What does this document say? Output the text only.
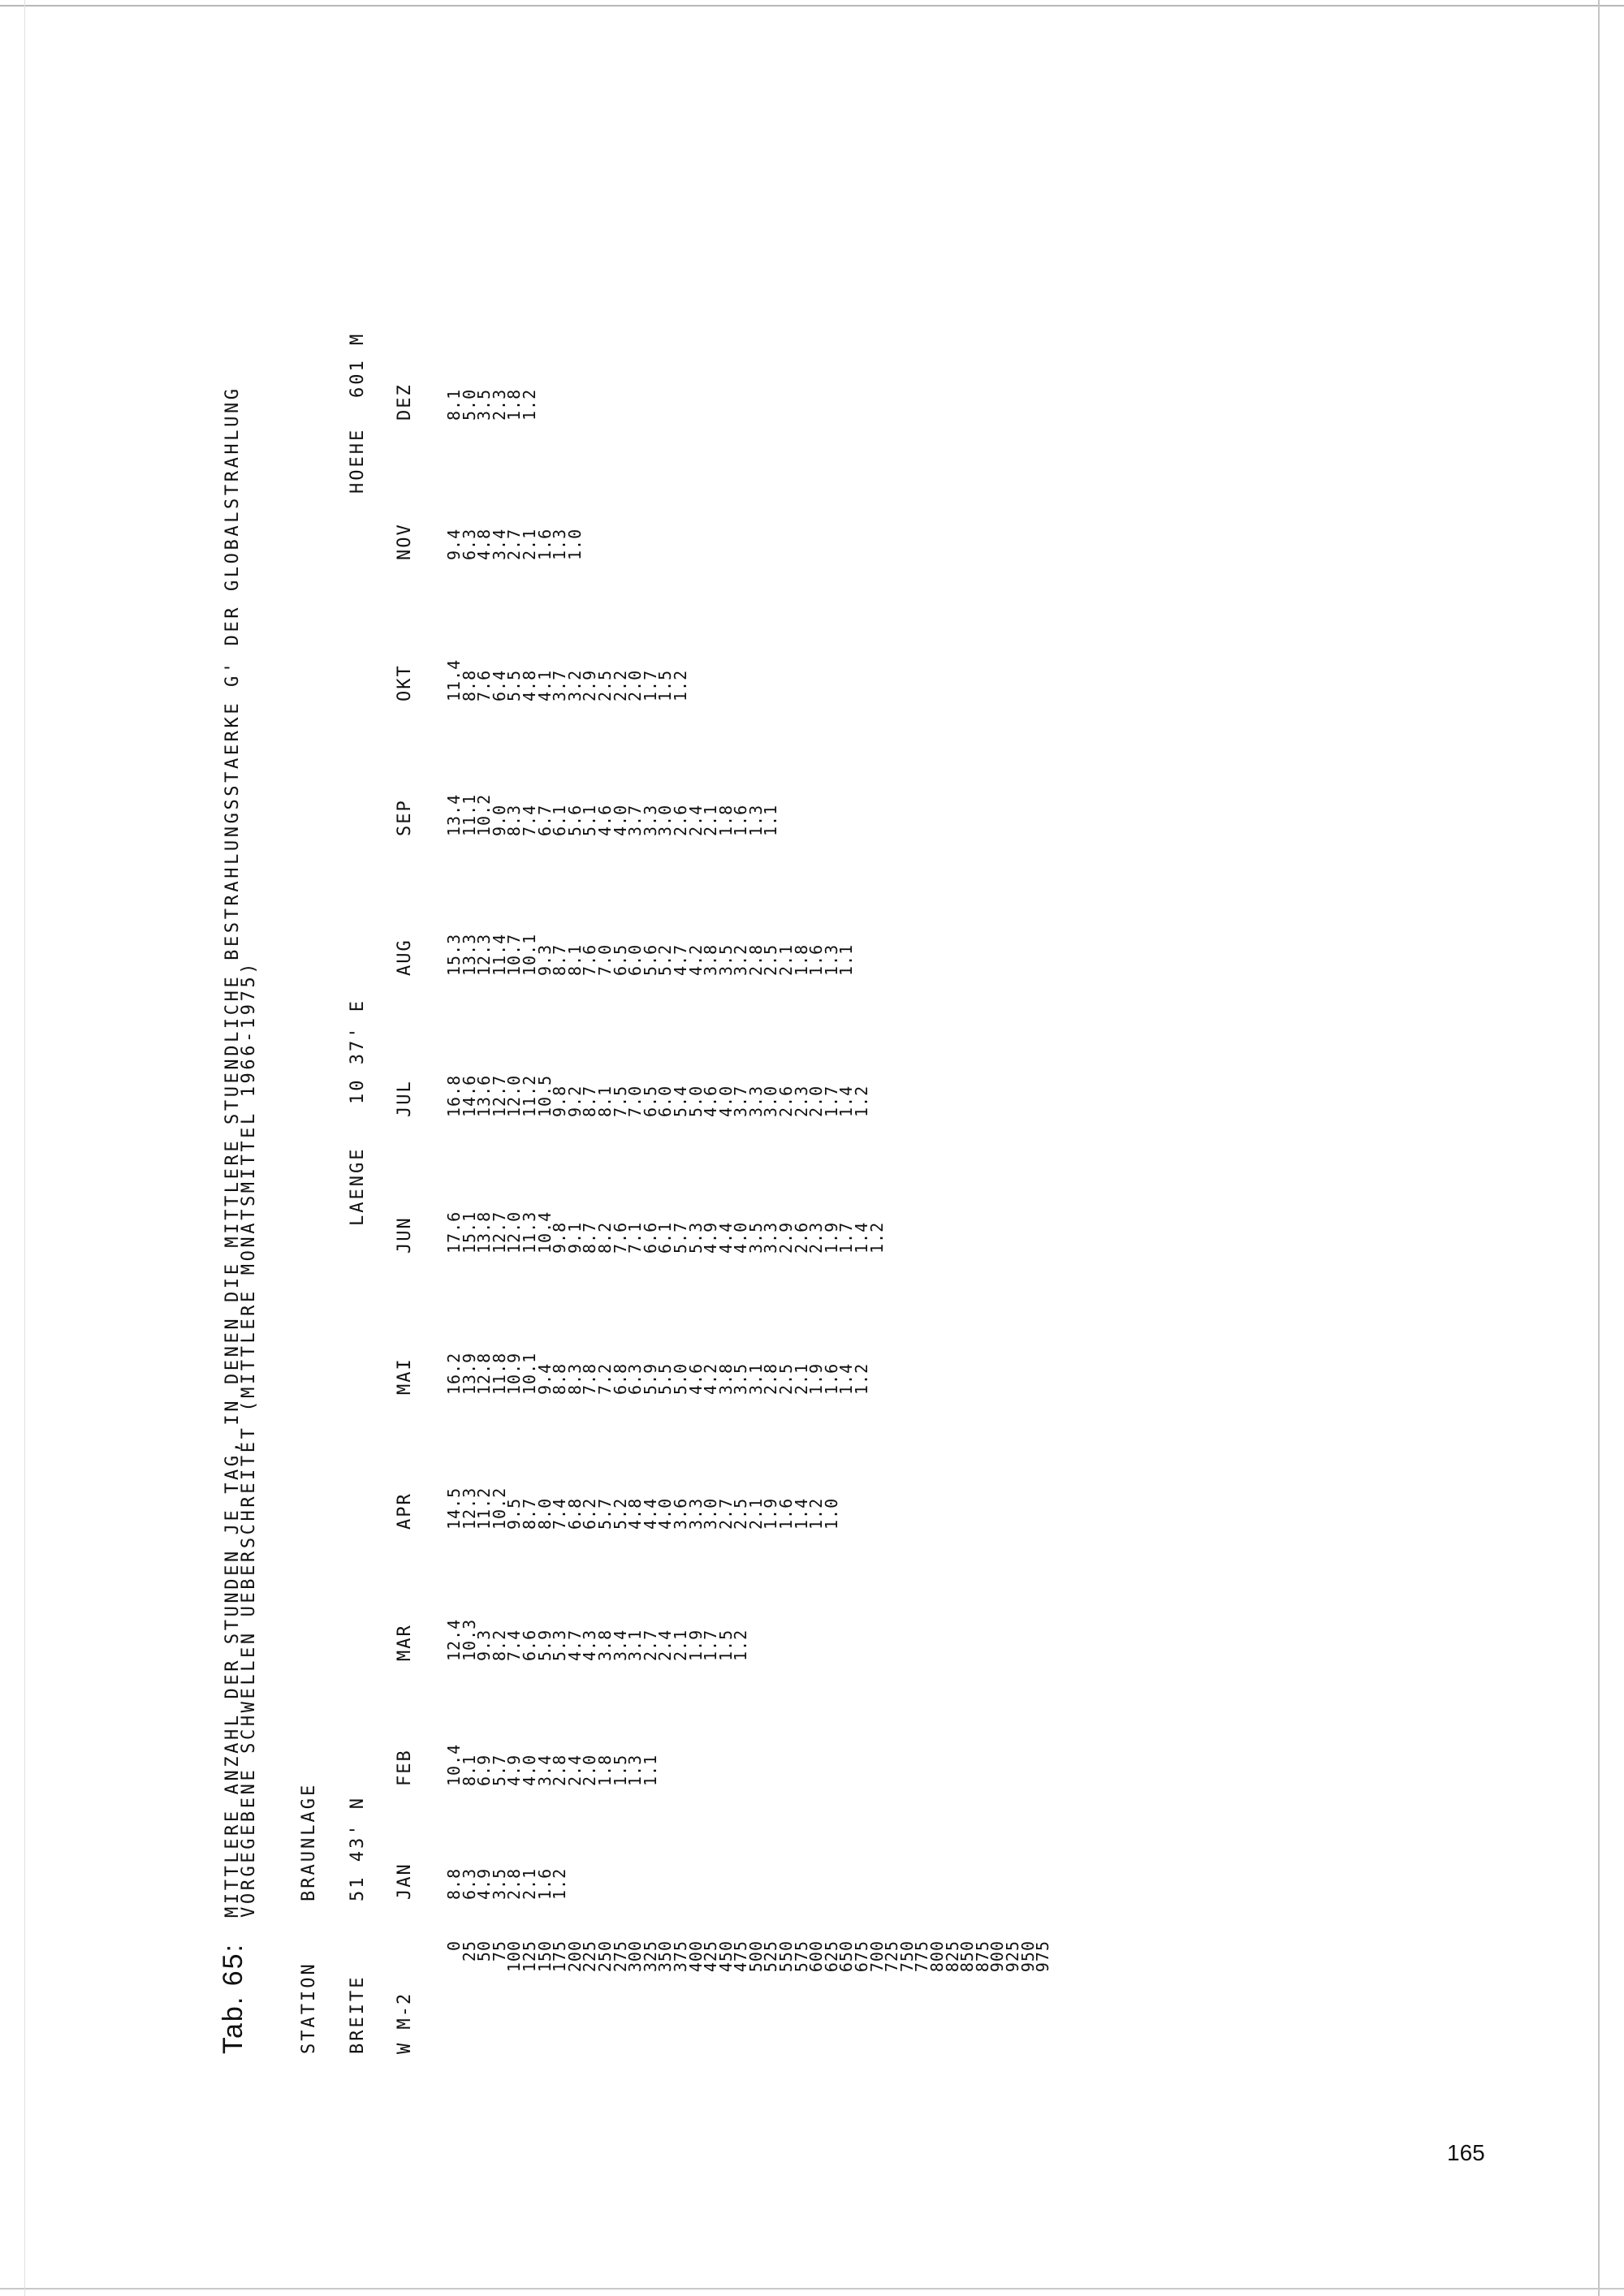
Tab. 65:
MITTLERE ANZAHL DER STUNDEN JE TAG, IN DENEN DIE MITTLERE STUENDLICHE BESTRAHLUNGSSTAERKE G' DER GLOBALSTRAHLUNG
VORGEGEBENE SCHWELLEN UEBERSCHREITET (MITTLERE MONATSMITTEL 1966-1975)
STATION
BRAUNLAGE
BREITE
51 43' N
LAENGE
10 37' E
HOEHE
601 M
W M-2
JAN
FEB
MAR
APR
MAI
JUN
JUL
AUG
SEP
OKT
NOV
DEZ
0
25
50
75
100
125
150
175
200
225
250
275
300
325
350
375
400
425
450
475
500
525
550
575
600
625
650
675
700
725
750
775
800
825
850
875
900
925
950
975
8.8
6.3
4.9
3.5
2.8
2.1
1.6
1.2
10.4
8.1
6.9
5.7
4.9
4.0
3.4
2.8
2.4
2.0
1.8
1.5
1.3
1.1
12.4
10.3
9.3
8.2
7.4
6.6
5.9
5.3
4.7
4.3
3.8
3.4
3.1
2.7
2.4
2.1
1.9
1.7
1.5
1.2
14.5
12.3
11.2
10.2
9.5
8.7
8.0
7.4
6.8
6.2
5.7
5.2
4.8
4.4
4.0
3.6
3.3
3.0
2.7
2.5
2.1
1.9
1.6
1.4
1.2
1.0
16.2
13.9
12.8
11.8
10.9
10.1
9.4
8.8
8.3
7.8
7.2
6.8
6.3
5.9
5.5
5.0
4.6
4.2
3.8
3.5
3.1
2.8
2.5
2.1
1.9
1.6
1.4
1.2
17.6
15.1
13.8
12.7
12.0
11.3
10.4
9.8
9.1
8.7
8.2
7.6
7.1
6.6
6.1
5.7
5.3
4.9
4.4
4.0
3.5
3.3
2.9
2.6
2.3
1.9
1.7
1.4
1.2
16.8
14.6
13.6
12.7
12.0
11.2
10.5
9.8
9.2
8.7
8.1
7.5
7.0
6.5
6.0
5.4
5.0
4.6
4.0
3.7
3.3
3.0
2.6
2.3
2.0
1.7
1.4
1.2
15.3
13.3
12.3
11.4
10.7
10.1
9.3
8.7
8.1
7.6
7.0
6.5
6.0
5.6
5.2
4.7
4.2
3.8
3.5
3.2
2.8
2.5
2.1
1.8
1.6
1.3
1.1
13.4
11.1
10.2
9.0
8.3
7.4
6.7
6.1
5.6
5.1
4.6
4.0
3.7
3.3
3.0
2.6
2.4
2.1
1.8
1.6
1.3
1.1
11.4
8.8
7.6
6.4
5.5
4.8
4.1
3.7
3.2
2.9
2.5
2.2
2.0
1.7
1.5
1.2
9.4
6.3
4.8
3.4
2.7
2.1
1.6
1.3
1.0
8.1
5.0
3.5
2.3
1.8
1.2
165
